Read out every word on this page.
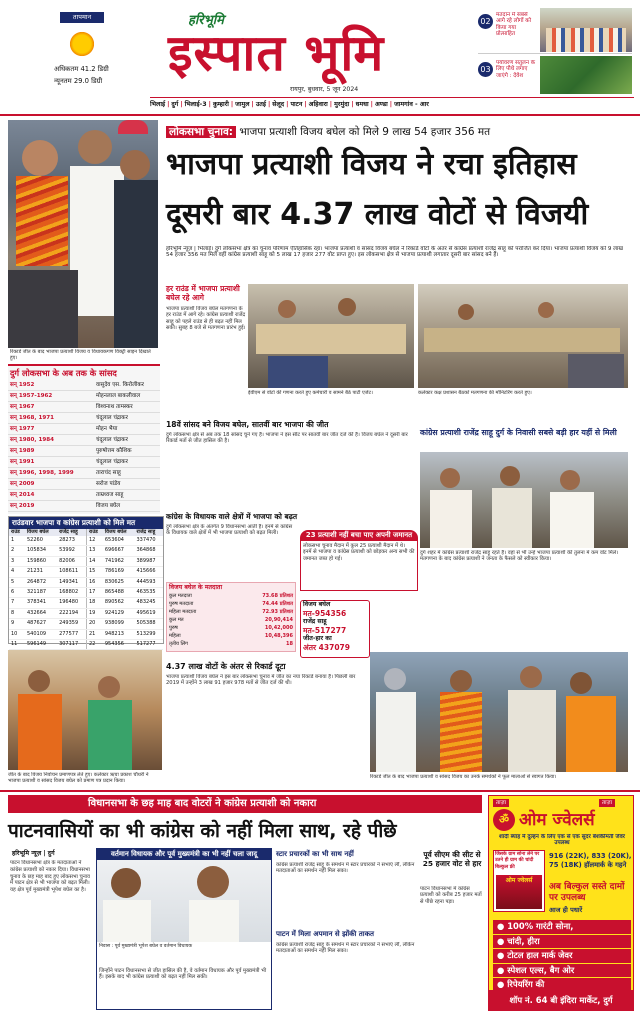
तापमान
अधिकतम 41.2 डिग्री
न्यूनतम 29.0 डिग्री
हरिभूमि
इस्पात भूमि
रायपुर, बुधवार, 5 जून 2024
02
मतदान में सबसे आगे रहे लोगों को किया गया प्रोत्साहित
03
पर्यावरण संतुलन के लिए पौधे लगाए जाएंगे : देवेश
भिलाई | दुर्ग | भिलाई-3 | कुम्हारी | जामुल | उतई | सेलूद | पाटन | अहिवारा | मुरमुंदा | धमधा | अण्डा | जामगांव - आर
रिकार्ड जीत के बाद भाजपा प्रत्याशी विजय व विधायकगण विक्ट्री साइन दिखाते हुए।
लोकसभा चुनाव: भाजपा प्रत्याशी विजय बघेल को मिले 9 लाख 54 हजार 356 मत
भाजपा प्रत्याशी विजय ने रचा इतिहास
दूसरी बार 4.37 लाख वोटों से विजयी
हरिभूमि न्यूज़ | भिलाई। दुर्ग लोकसभा क्षेत्र का चुनाव परिणाम ऐतिहासिक रहा। भाजपा प्रत्याशी व सांसद विजय बघेल ने रिकार्ड वोटों के अंतर से कांग्रेस प्रत्याशी राजेंद्र साहू को पराजित कर दिया। भाजपा प्रत्याशी विजय को 9 लाख 54 हजार 356 मत मिले वहीं कांग्रेस प्रत्याशी साहू को 5 लाख 17 हजार 277 वोट प्राप्त हुए। इस लोकसभा क्षेत्र से भाजपा प्रत्याशी लगातार दूसरी बार सांसद बने हैं।
हर राउंड में भाजपा प्रत्याशी बघेल रहे आगे
भाजपा प्रत्याशी विजय बघेल मतगणना के हर राउंड में आगे रहे। कांग्रेस प्रत्याशी राजेंद्र साहू को पहले राउंड से ही बढ़त नहीं मिल सकी। सुबह 8 बजे से मतगणना प्रारंभ हुई।
ईवीएम से वोटों की गणना करते हुए कर्मचारी व सामने बैठे पार्टी एजेंट।	कलेक्टर कक्ष प्रशासन बैठकों मतगणना की मॉनिटरिंग करते हुए।
दुर्ग लोकसभा के अब तक के सांसद
सन् 1952	वासुदेव एस. किरोलीकर
सन् 1957-1962	मोहनलाल बाकलीवाल
सन् 1967	विश्वनाथ तामस्कर
सन् 1968, 1971	चंदूलाल चंद्राकर
सन् 1977	मोहन भैया
सन् 1980, 1984	चंदूलाल चंद्राकर
सन् 1989	पुरुषोत्तम कौशिक
सन् 1991	चंदूलाल चंद्राकर
सन् 1996, 1998, 1999	ताराचंद साहू
सन् 2009	सरोज पांडेय
सन् 2014	ताम्रध्वज साहू
सन् 2019	विजय बघेल
18वें सांसद बने विजय बघेल, सातवीं बार भाजपा की जीत
दुर्ग लोकसभा क्षेत्र से अब तक 18 सांसद चुने गए हैं। भाजपा ने इस सीट पर सातवीं बार जीत दर्ज की है। विजय बघेल ने दूसरी बार रिकार्ड मतों से जीत हासिल की है।
कांग्रेस प्रत्याशी राजेंद्र साहू दुर्ग के निवासी सबसे बड़ी हार यहीं से मिली
दुर्ग शहर में कांग्रेस प्रत्याशी राजेंद्र साहू रहते हैं। वहां से भी उन्हें भाजपा प्रत्याशी की तुलना में कम वोट मिले। मतगणना के बाद कांग्रेस प्रत्याशी ने जनता के फैसले को स्वीकार किया।
राउंडवार भाजपा व कांग्रेस प्रत्याशी को मिले मत
राउंड	विजय बघेल	राजेंद्र साहू
1	52260	28273
2	105834	53992
3	159860	82006
4	21231	108611
5	264872	149341
6	321187	168802
7	378341	196480
8	432664	222194
9	487627	249359
10	540109	277577
11	596149	307117
राउंड	विजय बघेल	राजेंद्र साहू
12	653604	337470
13	696667	364868
14	741962	389987
15	786169	415666
16	830625	444593
17	865488	463535
18	890562	483245
19	924129	495619
20	938099	505388
21	948213	513299
22	954356	517277
कांग्रेस के विधायक वाले क्षेत्रों में भाजपा को बढ़त
दुर्ग लोकसभा क्षेत्र के अंतर्गत 9 विधानसभा आती हैं। इनमें से कांग्रेस के विधायक वाले क्षेत्रों में भी भाजपा प्रत्याशी को बढ़त मिली।	23 प्रत्याशी नहीं बचा पाए अपनी जमानत
लोकसभा चुनाव मैदान में कुल 25 प्रत्याशी मैदान में थे। इनमें से भाजपा व कांग्रेस प्रत्याशी को छोड़कर अन्य सभी की जमानत जब्त हो गई।
विजय बघेल के मतदाता
कुल मतदाता	73.68 प्रतिशत
पुरुष मतदाता	74.44 प्रतिशत
महिला मतदाता	72.93 प्रतिशत
कुल मत	20,90,414
पुरुष	10,42,000
महिला	10,48,396
तृतीय लिंग	18
विजय बघेल
मत-954356
राजेंद्र साहू
मत-517277
जीत-हार का
अंतर 437079
4.37 लाख वोटों के अंतर से रिकार्ड दूटा
भाजपा प्रत्याशी विजय बघेल ने इस बार लोकसभा चुनाव में जीत का नया रिकार्ड बनाया है। पिछली बार 2019 में उन्होंने 3 लाख 91 हजार 978 मतों से जीत दर्ज की थी।
जीत के बाद विजय निर्वाचन प्रमाणपत्र लेते हुए। कलेक्टर ऋचा प्रकाश चौधरी ने भाजपा प्रत्याशी व सांसद विजय बघेल को प्रमाण पत्र प्रदान किया।
रिकार्ड जीत के बाद भाजपा प्रत्याशी व सांसद विजय का उनके समर्थकों ने फूल मालाओं से स्वागत किया।
विधानसभा के छह माह बाद वोटरों ने कांग्रेस प्रत्याशी को नकारा
पाटनवासियों का भी कांग्रेस को नहीं मिला साथ, रहे पीछे
हरिभूमि न्यूज़ | दुर्ग
पाटन विधानसभा क्षेत्र के मतदाताओं ने कांग्रेस प्रत्याशी को नकार दिया। विधानसभा चुनाव के छह माह बाद हुए लोकसभा चुनाव में पाटन क्षेत्र से भी भाजपा को बढ़त मिली। यह क्षेत्र पूर्व मुख्यमंत्री भूपेश बघेल का है।
वर्तमान विधायक और पूर्व मुख्यमंत्री का भी नहीं चला जादू
निवास : पूर्व मुख्यमंत्री भूपेश बघेल व वर्तमान विधायक
जिन्होंने पाटन विधानसभा से जीत हासिल की है, वे वर्तमान विधायक और पूर्व मुख्यमंत्री भी हैं। इसके बाद भी कांग्रेस प्रत्याशी को बढ़त नहीं मिल सकी।
स्टार प्रचारकों का भी साथ नहीं
कांग्रेस प्रत्याशी राजेंद्र साहू के समर्थन में स्टार प्रचारकों ने सभाएं लीं, लेकिन मतदाताओं का समर्थन नहीं मिल सका।
पाटन में मिला अपमान से झोंकी ताकत
कांग्रेस प्रत्याशी राजेंद्र साहू के समर्थन में स्टार प्रचारकों ने सभाएं लीं, लेकिन मतदाताओं का समर्थन नहीं मिल सका।
पूर्व सीएम की सीट से 25 हजार वोट से हार
पाटन विधानसभा में कांग्रेस प्रत्याशी को करीब 25 हजार मतों से पीछे रहना पड़ा।
ताज़ा	ताज़ा
ॐ ओम ज्वेलर्स
शादी ब्याह में दुल्हन के लिए एक से एक सुंदर बेशकीमती जेवर उपलब्ध
जिसके ग्राम सोना लेने पर उतने ही ग्राम की चांदी बिल्कुल फ्री
ओम ज्वेलर्स
916 (22K), 833 (20K), 75 (18K) हॉलमार्क के गहने
अब बिल्कुल सस्ते दामों पर उपलब्ध
आज ही पधारें
● 100% गारंटी सोना,
● चांदी, हीरा
● टोटल हाल मार्क जेवर
● स्पेशल एल्स, बैग ओर
● रिपेयरिंग की
शॉप नं. 64 बी इंदिरा मार्केट, दुर्ग
